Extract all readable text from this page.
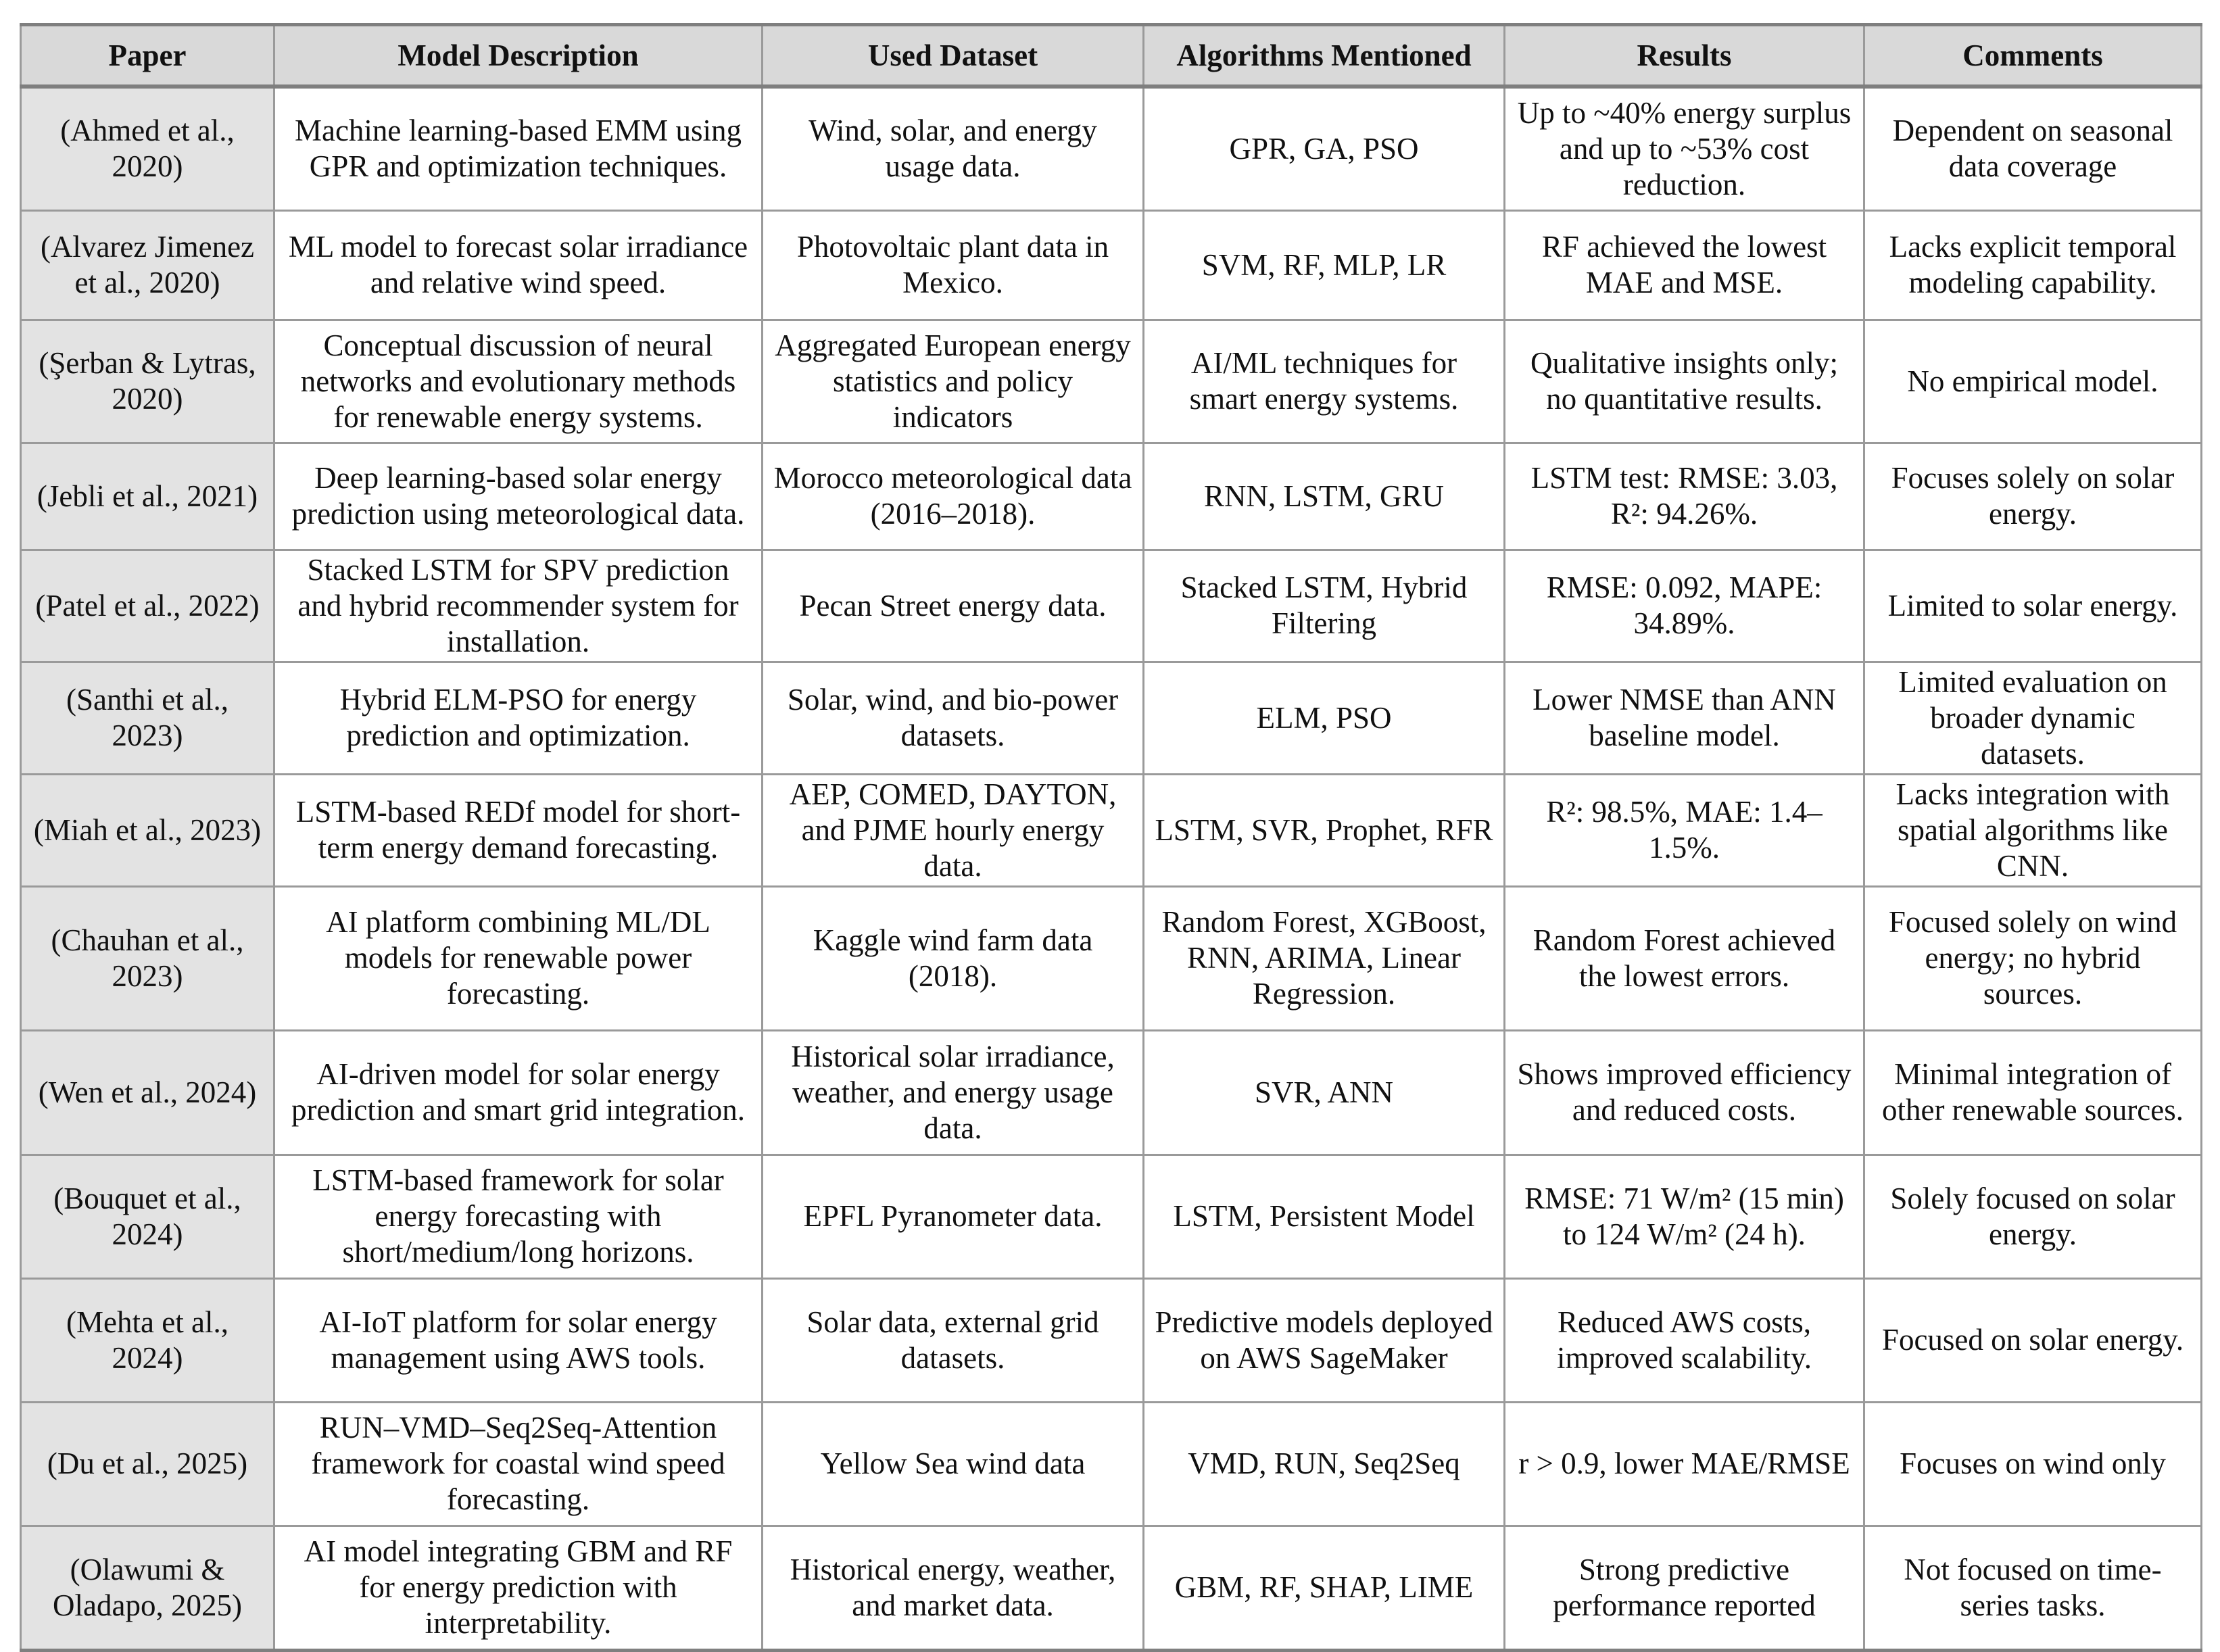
Paper	Model Description	Used Dataset	Algorithms Mentioned	Results	Comments
(Ahmed et al., 2020)	Machine learning-based EMM using GPR and optimization techniques.	Wind, solar, and energy usage data.	GPR, GA, PSO	Up to ~40% energy surplus and up to ~53% cost reduction.	Dependent on seasonal data coverage
(Alvarez Jimenez et al., 2020)	ML model to forecast solar irradiance and relative wind speed.	Photovoltaic plant data in Mexico.	SVM, RF, MLP, LR	RF achieved the lowest MAE and MSE.	Lacks explicit temporal modeling capability.
(Şerban & Lytras, 2020)	Conceptual discussion of neural networks and evolutionary methods for renewable energy systems.	Aggregated European energy statistics and policy indicators	AI/ML techniques for smart energy systems.	Qualitative insights only; no quantitative results.	No empirical model.
(Jebli et al., 2021)	Deep learning-based solar energy prediction using meteorological data.	Morocco meteorological data (2016–2018).	RNN, LSTM, GRU	LSTM test: RMSE: 3.03, R²: 94.26%.	Focuses solely on solar energy.
(Patel et al., 2022)	Stacked LSTM for SPV prediction and hybrid recommender system for installation.	Pecan Street energy data.	Stacked LSTM, Hybrid Filtering	RMSE: 0.092, MAPE: 34.89%.	Limited to solar energy.
(Santhi et al., 2023)	Hybrid ELM-PSO for energy prediction and optimization.	Solar, wind, and bio-power datasets.	ELM, PSO	Lower NMSE than ANN baseline model.	Limited evaluation on broader dynamic datasets.
(Miah et al., 2023)	LSTM-based REDf model for short-term energy demand forecasting.	AEP, COMED, DAYTON, and PJME hourly energy data.	LSTM, SVR, Prophet, RFR	R²: 98.5%, MAE: 1.4–1.5%.	Lacks integration with spatial algorithms like CNN.
(Chauhan et al., 2023)	AI platform combining ML/DL models for renewable power forecasting.	Kaggle wind farm data (2018).	Random Forest, XGBoost, RNN, ARIMA, Linear Regression.	Random Forest achieved the lowest errors.	Focused solely on wind energy; no hybrid sources.
(Wen et al., 2024)	AI-driven model for solar energy prediction and smart grid integration.	Historical solar irradiance, weather, and energy usage data.	SVR, ANN	Shows improved efficiency and reduced costs.	Minimal integration of other renewable sources.
(Bouquet et al., 2024)	LSTM-based framework for solar energy forecasting with short/medium/long horizons.	EPFL Pyranometer data.	LSTM, Persistent Model	RMSE: 71 W/m² (15 min) to 124 W/m² (24 h).	Solely focused on solar energy.
(Mehta et al., 2024)	AI-IoT platform for solar energy management using AWS tools.	Solar data, external grid datasets.	Predictive models deployed on AWS SageMaker	Reduced AWS costs, improved scalability.	Focused on solar energy.
(Du et al., 2025)	RUN–VMD–Seq2Seq-Attention framework for coastal wind speed forecasting.	Yellow Sea wind data	VMD, RUN, Seq2Seq	r > 0.9, lower MAE/RMSE	Focuses on wind only
(Olawumi & Oladapo, 2025)	AI model integrating GBM and RF for energy prediction with interpretability.	Historical energy, weather, and market data.	GBM, RF, SHAP, LIME	Strong predictive performance reported	Not focused on time-series tasks.
